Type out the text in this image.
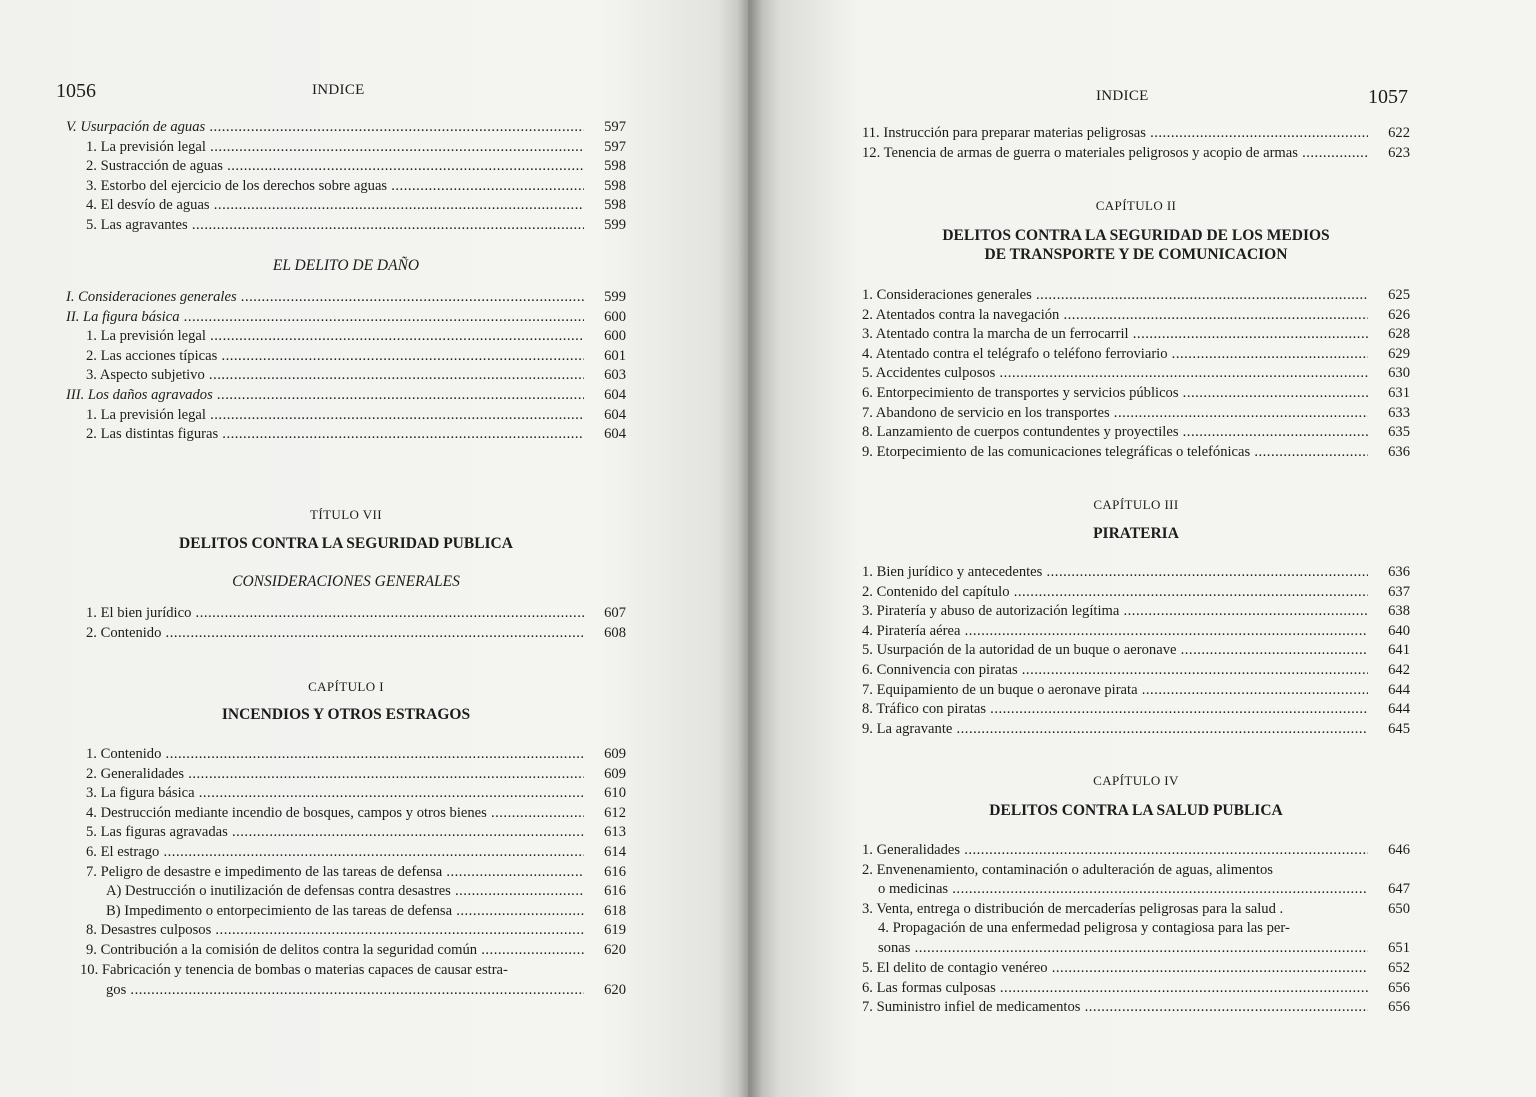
1056	INDICE
V. Usurpación de aguas .....	597
1. La previsión legal .....	597
2. Sustracción de aguas .....	598
3. Estorbo del ejercicio de los derechos sobre aguas .....	598
4. El desvío de aguas .....	598
5. Las agravantes .....	599
EL DELITO DE DAÑO
I. Consideraciones generales .....	599
II. La figura básica .....	600
1. La previsión legal .....	600
2. Las acciones típicas .....	601
3. Aspecto subjetivo .....	603
III. Los daños agravados .....	604
1. La previsión legal .....	604
2. Las distintas figuras .....	604
TÍTULO VII
DELITOS CONTRA LA SEGURIDAD PUBLICA
CONSIDERACIONES GENERALES
1. El bien jurídico .....	607
2. Contenido .....	608
CAPÍTULO I
INCENDIOS Y OTROS ESTRAGOS
1. Contenido .....	609
2. Generalidades .....	609
3. La figura básica .....	610
4. Destrucción mediante incendio de bosques, campos y otros bienes .....	612
5. Las figuras agravadas .....	613
6. El estrago .....	614
7. Peligro de desastre e impedimento de las tareas de defensa .....	616
A) Destrucción o inutilización de defensas contra desastres .....	616
B) Impedimento o entorpecimiento de las tareas de defensa .....	618
8. Desastres culposos .....	619
9. Contribución a la comisión de delitos contra la seguridad común .....	620
10. Fabricación y tenencia de bombas o materias capaces de causar estra-
gos .....	620
INDICE	1057
11. Instrucción para preparar materias peligrosas .....	622
12. Tenencia de armas de guerra o materiales peligrosos y acopio de armas .....	623
CAPÍTULO II
DELITOS CONTRA LA SEGURIDAD DE LOS MEDIOS
DE TRANSPORTE Y DE COMUNICACION
1. Consideraciones generales .....	625
2. Atentados contra la navegación .....	626
3. Atentado contra la marcha de un ferrocarril .....	628
4. Atentado contra el telégrafo o teléfono ferroviario .....	629
5. Accidentes culposos .....	630
6. Entorpecimiento de transportes y servicios públicos .....	631
7. Abandono de servicio en los transportes .....	633
8. Lanzamiento de cuerpos contundentes y proyectiles .....	635
9. Etorpecimiento de las comunicaciones telegráficas o telefónicas .....	636
CAPÍTULO III
PIRATERIA
1. Bien jurídico y antecedentes .....	636
2. Contenido del capítulo .....	637
3. Piratería y abuso de autorización legítima .....	638
4. Piratería aérea .....	640
5. Usurpación de la autoridad de un buque o aeronave .....	641
6. Connivencia con piratas .....	642
7. Equipamiento de un buque o aeronave pirata .....	644
8. Tráfico con piratas .....	644
9. La agravante .....	645
CAPÍTULO IV
DELITOS CONTRA LA SALUD PUBLICA
1. Generalidades .....	646
2. Envenenamiento, contaminación o adulteración de aguas, alimentos
o medicinas .....	647
3. Venta, entrega o distribución de mercaderías peligrosas para la salud .	650
4. Propagación de una enfermedad peligrosa y contagiosa para las per-
sonas .....	651
5. El delito de contagio venéreo .....	652
6. Las formas culposas .....	656
7. Suministro infiel de medicamentos .....	656
